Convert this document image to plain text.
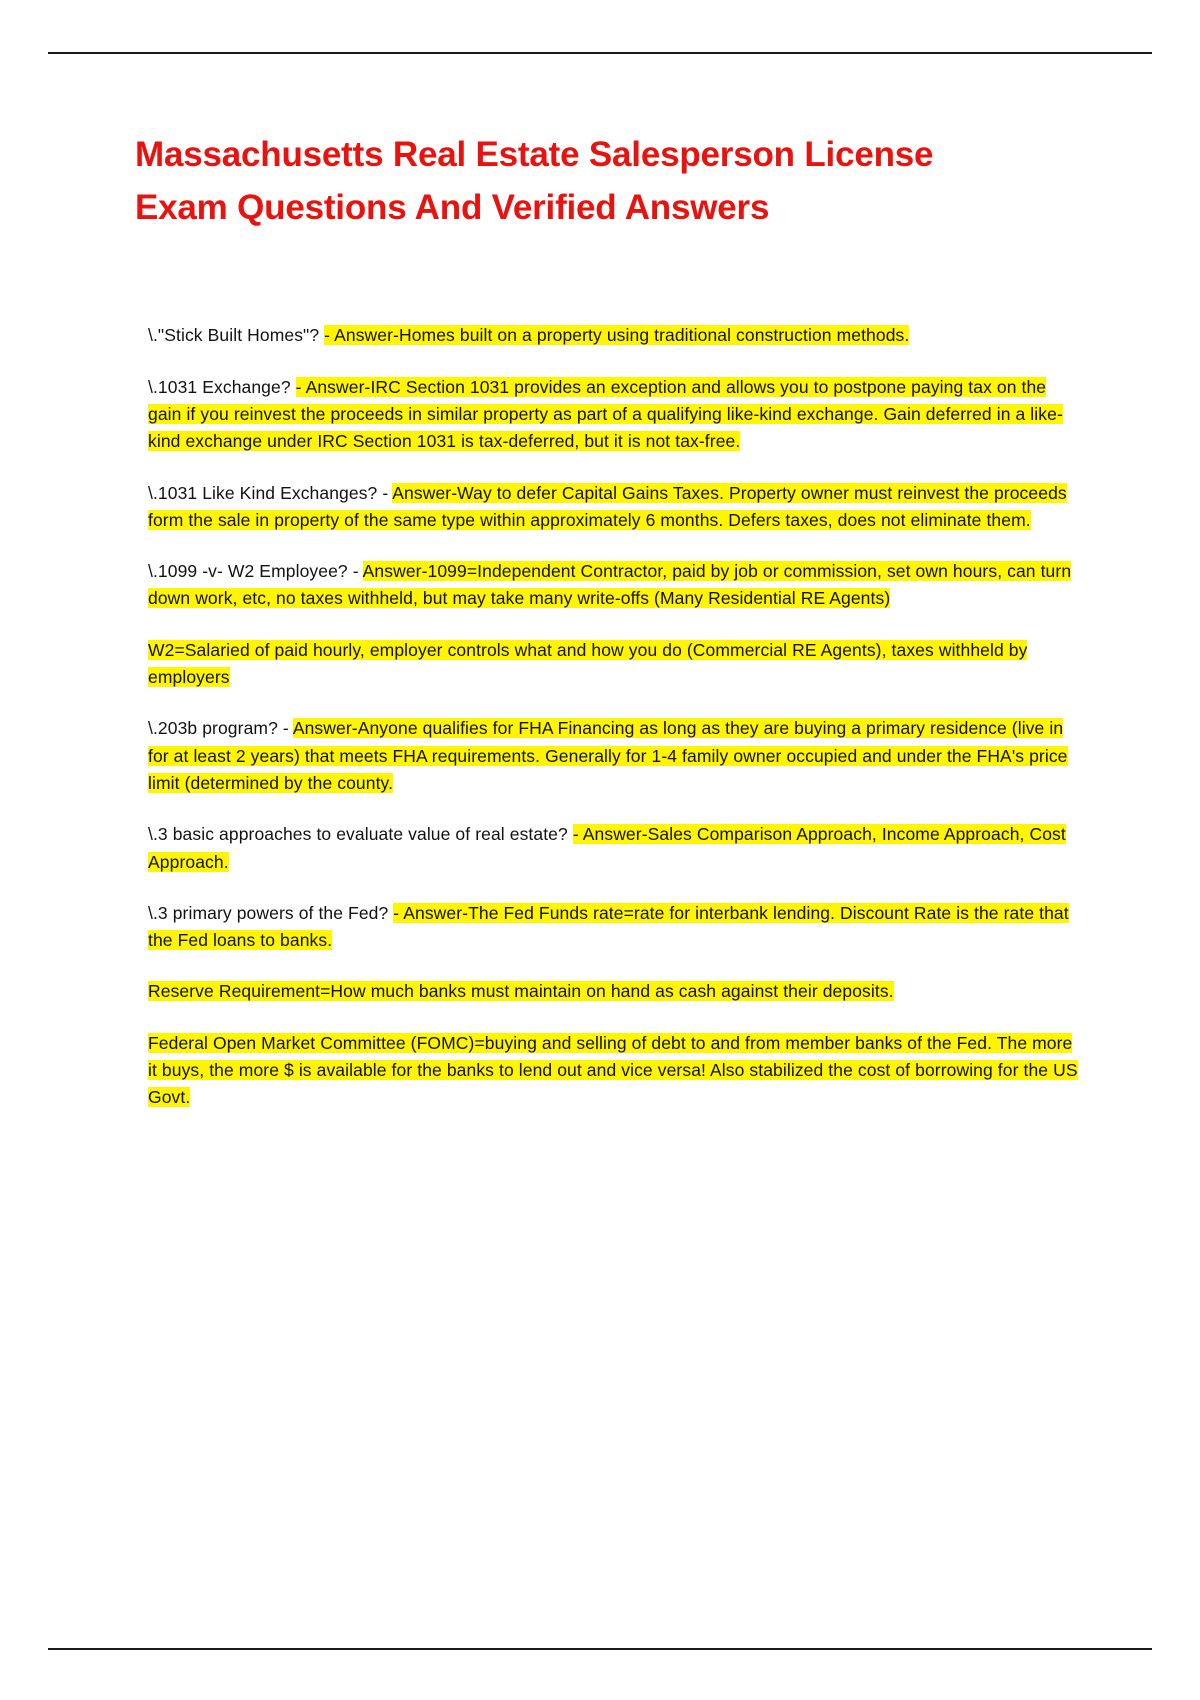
Massachusetts Real Estate Salesperson License Exam Questions And Verified Answers

\."Stick Built Homes"? - Answer-Homes built on a property using traditional construction methods.

\.1031 Exchange? - Answer-IRC Section 1031 provides an exception and allows you to postpone paying tax on the gain if you reinvest the proceeds in similar property as part of a qualifying like-kind exchange. Gain deferred in a like-kind exchange under IRC Section 1031 is tax-deferred, but it is not tax-free.

\.1031 Like Kind Exchanges? - Answer-Way to defer Capital Gains Taxes. Property owner must reinvest the proceeds form the sale in property of the same type within approximately 6 months. Defers taxes, does not eliminate them.

\.1099 -v- W2 Employee? - Answer-1099=Independent Contractor, paid by job or commission, set own hours, can turn down work, etc, no taxes withheld, but may take many write-offs (Many Residential RE Agents)

W2=Salaried of paid hourly, employer controls what and how you do (Commercial RE Agents), taxes withheld by employers

\.203b program? - Answer-Anyone qualifies for FHA Financing as long as they are buying a primary residence (live in for at least 2 years) that meets FHA requirements. Generally for 1-4 family owner occupied and under the FHA's price limit (determined by the county.

\.3 basic approaches to evaluate value of real estate? - Answer-Sales Comparison Approach, Income Approach, Cost Approach.

\.3 primary powers of the Fed? - Answer-The Fed Funds rate=rate for interbank lending. Discount Rate is the rate that the Fed loans to banks.

Reserve Requirement=How much banks must maintain on hand as cash against their deposits.

Federal Open Market Committee (FOMC)=buying and selling of debt to and from member banks of the Fed. The more it buys, the more $ is available for the banks to lend out and vice versa! Also stabilized the cost of borrowing for the US Govt.
